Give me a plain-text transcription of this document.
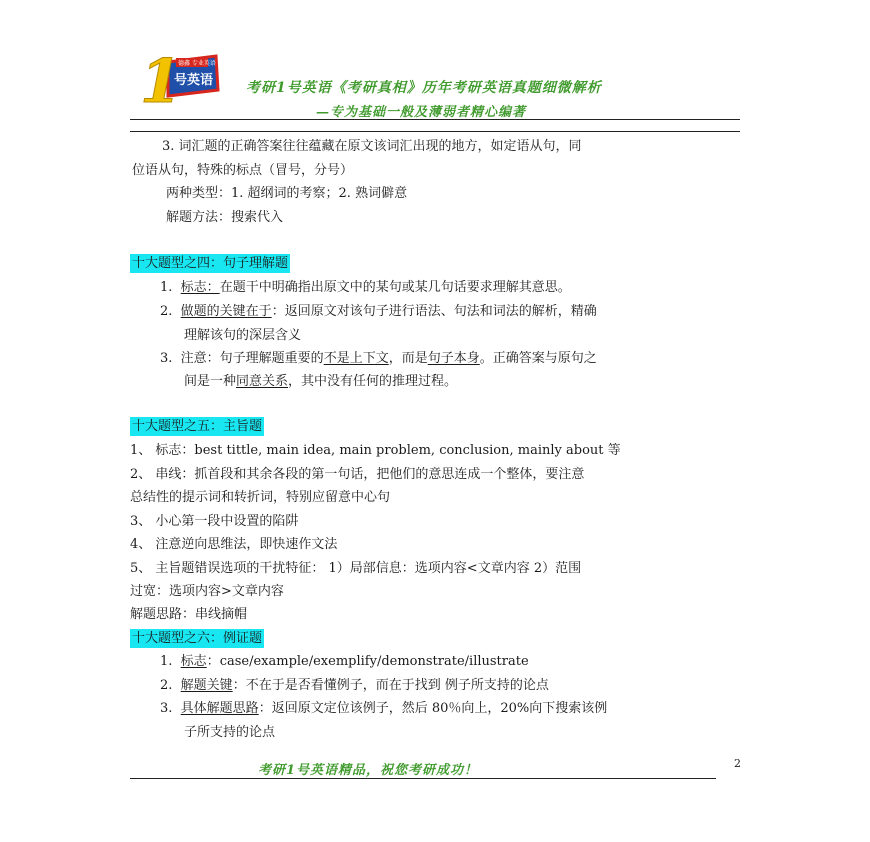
德鑫 专业英语
1
号英语 考研1号英语《考研真相》历年考研英语真题细微解析
—专为基础一般及薄弱者精心编著
3. 词汇题的正确答案往往蕴藏在原文该词汇出现的地方，如定语从句，同
位语从句，特殊的标点（冒号，分号）
两种类型：1. 超纲词的考察；2. 熟词僻意
解题方法：搜索代入
十大题型之四：句子理解题
1. 标志：在题干中明确指出原文中的某句或某几句话要求理解其意思。
2. 做题的关键在于：返回原文对该句子进行语法、句法和词法的解析，精确
理解该句的深层含义
3. 注意：句子理解题重要的不是上下文，而是句子本身。正确答案与原句之
间是一种同意关系，其中没有任何的推理过程。
十大题型之五：主旨题
1、 标志：best tittle, main idea, main problem, conclusion, mainly about 等
2、 串线：抓首段和其余各段的第一句话，把他们的意思连成一个整体，要注意
总结性的提示词和转折词，特别应留意中心句
3、 小心第一段中设置的陷阱
4、 注意逆向思维法，即快速作文法
5、 主旨题错误选项的干扰特征： 1）局部信息：选项内容<文章内容 2）范围
过宽：选项内容>文章内容
解题思路：串线摘帽
十大题型之六：例证题
1. 标志：case/example/exemplify/demonstrate/illustrate
2. 解题关键：不在于是否看懂例子，而在于找到 例子所支持的论点
3. 具体解题思路：返回原文定位该例子，然后 80％向上，20%向下搜索该例
子所支持的论点
考研1号英语精品，祝您考研成功！	2
